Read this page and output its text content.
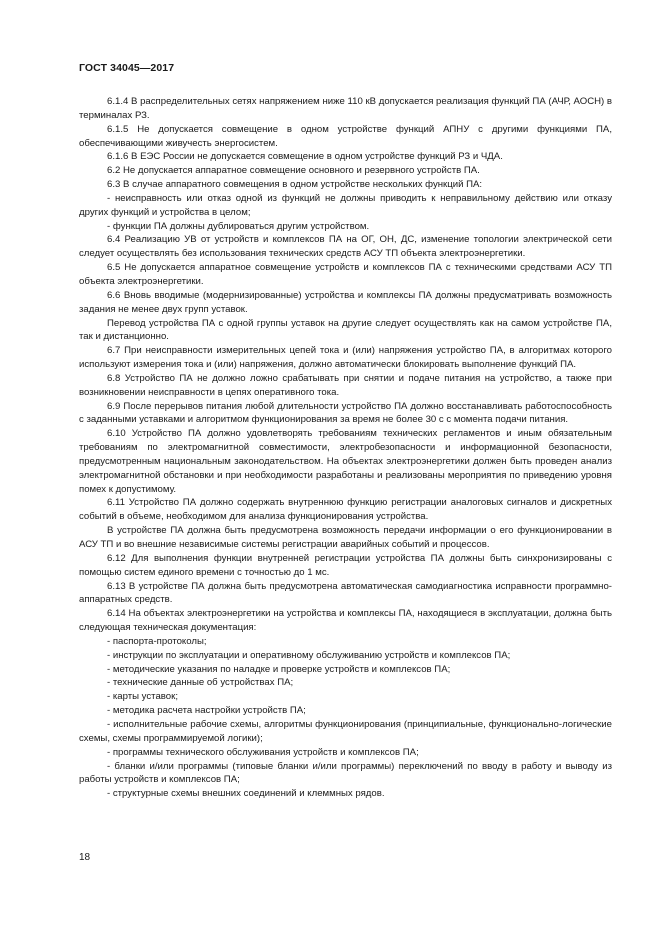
ГОСТ 34045—2017

6.1.4 В распределительных сетях напряжением ниже 110 кВ допускается реализация функций ПА (АЧР, АОСН) в терминалах РЗ.

6.1.5 Не допускается совмещение в одном устройстве функций АПНУ с другими функциями ПА, обеспечивающими живучесть энергосистем.

6.1.6 В ЕЭС России не допускается совмещение в одном устройстве функций РЗ и ЧДА.

6.2 Не допускается аппаратное совмещение основного и резервного устройств ПА.

6.3 В случае аппаратного совмещения в одном устройстве нескольких функций ПА:

- неисправность или отказ одной из функций не должны приводить к неправильному действию или отказу других функций и устройства в целом;

- функции ПА должны дублироваться другим устройством.

6.4 Реализацию УВ от устройств и комплексов ПА на ОГ, ОН, ДС, изменение топологии электрической сети следует осуществлять без использования технических средств АСУ ТП объекта электроэнергетики.

6.5 Не допускается аппаратное совмещение устройств и комплексов ПА с техническими средствами АСУ ТП объекта электроэнергетики.

6.6 Вновь вводимые (модернизированные) устройства и комплексы ПА должны предусматривать возможность задания не менее двух групп уставок.

Перевод устройства ПА с одной группы уставок на другие следует осуществлять как на самом устройстве ПА, так и дистанционно.

6.7 При неисправности измерительных цепей тока и (или) напряжения устройство ПА, в алгоритмах которого используют измерения тока и (или) напряжения, должно автоматически блокировать выполнение функций ПА.

6.8 Устройство ПА не должно ложно срабатывать при снятии и подаче питания на устройство, а также при возникновении неисправности в цепях оперативного тока.

6.9 После перерывов питания любой длительности устройство ПА должно восстанавливать работоспособность с заданными уставками и алгоритмом функционирования за время не более 30 с с момента подачи питания.

6.10 Устройство ПА должно удовлетворять требованиям технических регламентов и иным обязательным требованиям по электромагнитной совместимости, электробезопасности и информационной безопасности, предусмотренным национальным законодательством. На объектах электроэнергетики должен быть проведен анализ электромагнитной обстановки и при необходимости разработаны и реализованы мероприятия по приведению уровня помех к допустимому.

6.11 Устройство ПА должно содержать внутреннюю функцию регистрации аналоговых сигналов и дискретных событий в объеме, необходимом для анализа функционирования устройства.

В устройстве ПА должна быть предусмотрена возможность передачи информации о его функционировании в АСУ ТП и во внешние независимые системы регистрации аварийных событий и процессов.

6.12 Для выполнения функции внутренней регистрации устройства ПА должны быть синхронизированы с помощью систем единого времени с точностью до 1 мс.

6.13 В устройстве ПА должна быть предусмотрена автоматическая самодиагностика исправности программно-аппаратных средств.

6.14 На объектах электроэнергетики на устройства и комплексы ПА, находящиеся в эксплуатации, должна быть следующая техническая документация:

- паспорта-протоколы;

- инструкции по эксплуатации и оперативному обслуживанию устройств и комплексов ПА;

- методические указания по наладке и проверке устройств и комплексов ПА;

- технические данные об устройствах ПА;

- карты уставок;

- методика расчета настройки устройств ПА;

- исполнительные рабочие схемы, алгоритмы функционирования (принципиальные, функционально-логические схемы, схемы программируемой логики);

- программы технического обслуживания устройств и комплексов ПА;

- бланки и/или программы (типовые бланки и/или программы) переключений по вводу в работу и выводу из работы устройств и комплексов ПА;

- структурные схемы внешних соединений и клеммных рядов.

18
